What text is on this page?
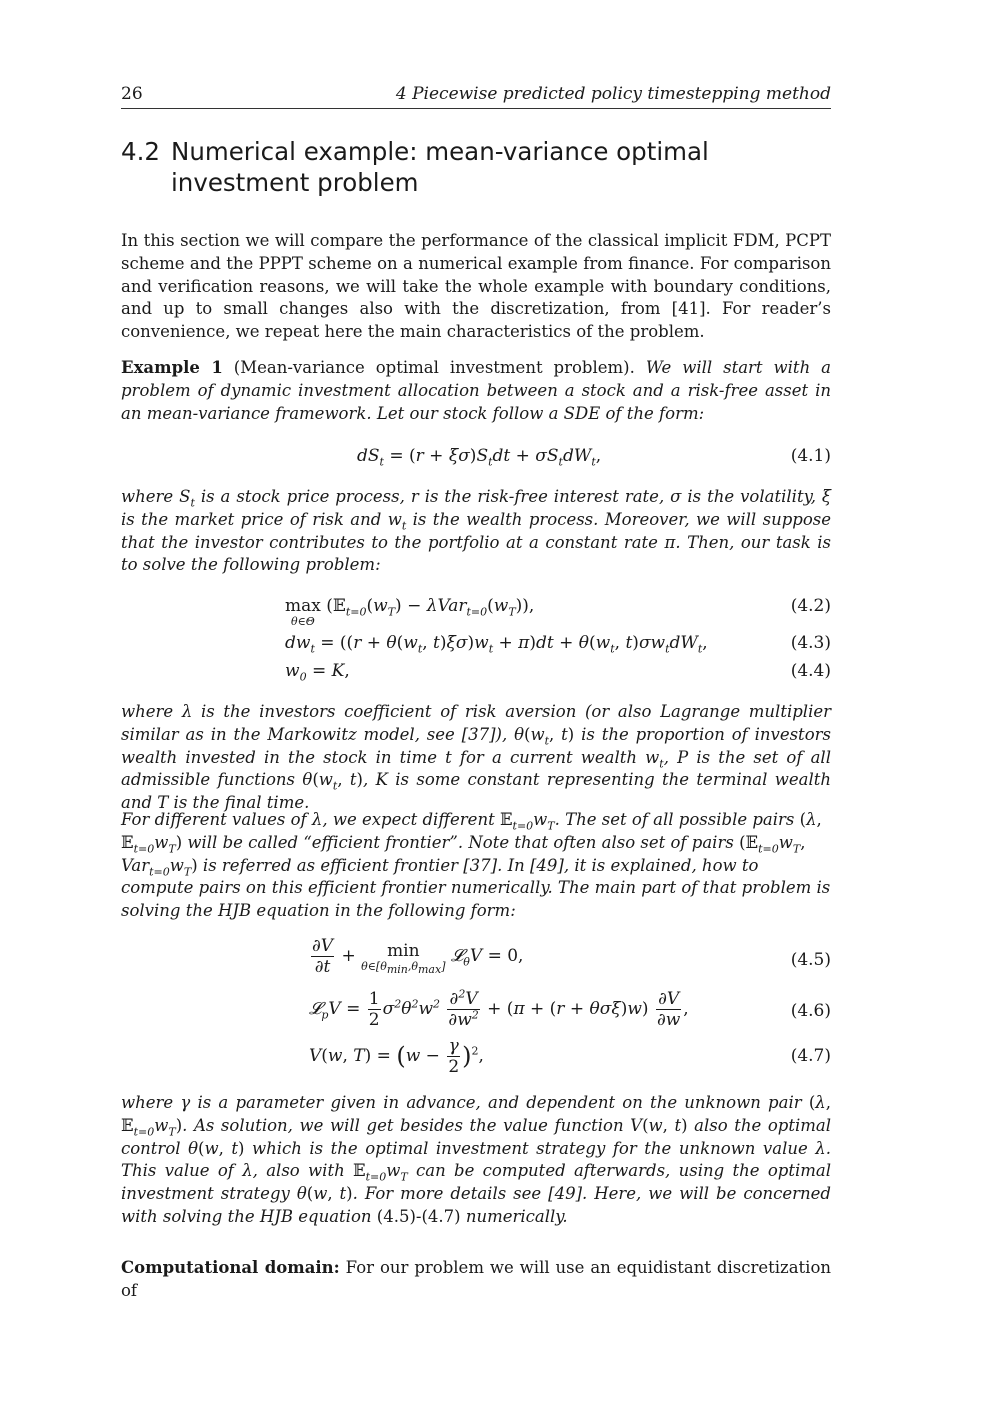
26	4 Piecewise predicted policy timestepping method
4.2 Numerical example: mean-variance optimal investment problem

In this section we will compare the performance of the classical implicit FDM, PCPT scheme and the PPPT scheme on a numerical example from finance. For comparison and verification reasons, we will take the whole example with boundary conditions, and up to small changes also with the discretization, from [41]. For reader’s convenience, we repeat here the main characteristics of the problem.

Example 1 (Mean-variance optimal investment problem). We will start with a problem of dynamic investment allocation between a stock and a risk-free asset in an mean-variance framework. Let our stock follow a SDE of the form:

$dS_t = (r + \xi\sigma)S_tdt + \sigma S_tdW_t$,	(4.1)

where $S_t$ is a stock price process, r is the risk-free interest rate, σ is the volatility, ξ is the market price of risk and $w_t$ is the wealth process. Moreover, we will suppose that the investor contributes to the portfolio at a constant rate π. Then, our task is to solve the following problem:

max
θ∈Θ
$(𝔼_{t=0}(w_T) - \lambda Var_{t=0}(w_T))$,	(4.2)
$dw_t = ((r + \theta(w_t$, $t)\xi\sigma)w_t + \pi)dt + \theta(w_t$, $t)\sigma w_tdW_t$,	(4.3)
$w_0 = K$,	(4.4)

where λ is the investors coefficient of risk aversion (or also Lagrange multiplier similar as in the Markowitz model, see [37]), $\theta(w_t$, t) is the proportion of investors wealth invested in the stock in time t for a current wealth $w_t$, P is the set of all admissible functions $\theta(w_t$, t), K is some constant representing the terminal wealth and T is the final time.

For different values of λ, we expect different $𝔼_{t=0}w_T$. The set of all possible pairs (λ, $𝔼_{t=0}w_T$) will be called “efficient frontier”. Note that often also set of pairs ($𝔼_{t=0}w_T$, $Var_{t=0}w_T$) is referred as efficient frontier [37]. In [49], it is explained, how to compute pairs on this efficient frontier numerically. The main part of that problem is solving the HJB equation in the following form:

$\frac{\partial V}{\partial t} + \min$
$\theta\in[\theta_{min},\theta_{max}]$ 𝓛$_\theta$V = 0,	(4.5)
𝓛$_p$V = $\frac{1}{2} \sigma^2\theta^2w^2 \frac{\partial^2V}{\partial w^2} + (\pi + (r + \theta\sigma\xi)w) \frac{\partial V}{\partial w}$ ,	(4.6)
V(w, $T) = (w - \frac{\gamma}{2} )^2$,	(4.7)

where γ is a parameter given in advance, and dependent on the unknown pair (λ, $𝔼_{t=0}w_T$). As solution, we will get besides the value function V(w, t) also the optimal control θ(w, t) which is the optimal investment strategy for the unknown value λ. This value of λ, also with $𝔼_{t=0}w_T$ can be computed afterwards, using the optimal investment strategy θ(w, t). For more details see [49]. Here, we will be concerned with solving the HJB equation (4.5)-(4.7) numerically.

Computational domain: For our problem we will use an equidistant discretization of
